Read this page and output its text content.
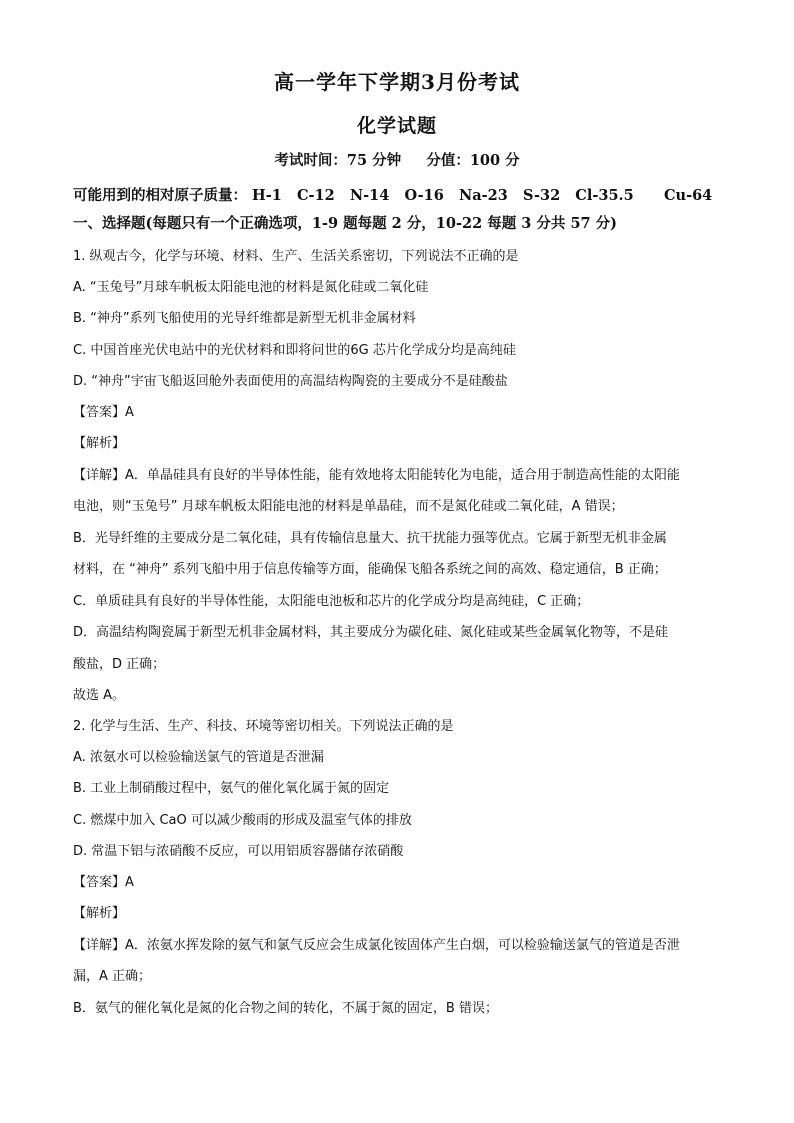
高一学年下学期3月份考试
化学试题
考试时间：75 分钟     分值：100 分
可能用到的相对原子质量： H-1   C-12   N-14   O-16   Na-23   S-32   Cl-35.5      Cu-64
一、选择题(每题只有一个正确选项，1-9 题每题 2 分，10-22 每题 3 分共 57 分)
1. 纵观古今，化学与环境、材料、生产、生活关系密切，下列说法不正确的是
A. “玉兔号”月球车帆板太阳能电池的材料是氮化硅或二氧化硅
B. “神舟”系列飞船使用的光导纤维都是新型无机非金属材料
C. 中国首座光伏电站中的光伏材料和即将问世的6G 芯片化学成分均是高纯硅
D. “神舟”宇宙飞船返回舱外表面使用的高温结构陶瓷的主要成分不是硅酸盐
【答案】A
【解析】
【详解】A．单晶硅具有良好的半导体性能，能有效地将太阳能转化为电能，适合用于制造高性能的太阳能
电池，则“玉兔号” 月球车帆板太阳能电池的材料是单晶硅，而不是氮化硅或二氧化硅，A 错误；
B．光导纤维的主要成分是二氧化硅，具有传输信息量大、抗干扰能力强等优点。它属于新型无机非金属
材料，在 “神舟” 系列飞船中用于信息传输等方面，能确保飞船各系统之间的高效、稳定通信，B 正确；
C．单质硅具有良好的半导体性能，太阳能电池板和芯片的化学成分均是高纯硅，C 正确；
D．高温结构陶瓷属于新型无机非金属材料，其主要成分为碳化硅、氮化硅或某些金属氧化物等，不是硅
酸盐，D 正确；
故选 A。
2. 化学与生活、生产、科技、环境等密切相关。下列说法正确的是
A. 浓氨水可以检验输送氯气的管道是否泄漏
B. 工业上制硝酸过程中，氨气的催化氧化属于氮的固定
C. 燃煤中加入 CaO 可以减少酸雨的形成及温室气体的排放
D. 常温下铝与浓硝酸不反应，可以用铝质容器储存浓硝酸
【答案】A
【解析】
【详解】A．浓氨水挥发除的氨气和氯气反应会生成氯化铵固体产生白烟，可以检验输送氯气的管道是否泄
漏，A 正确；
B．氨气的催化氧化是氮的化合物之间的转化，不属于氮的固定，B 错误；
